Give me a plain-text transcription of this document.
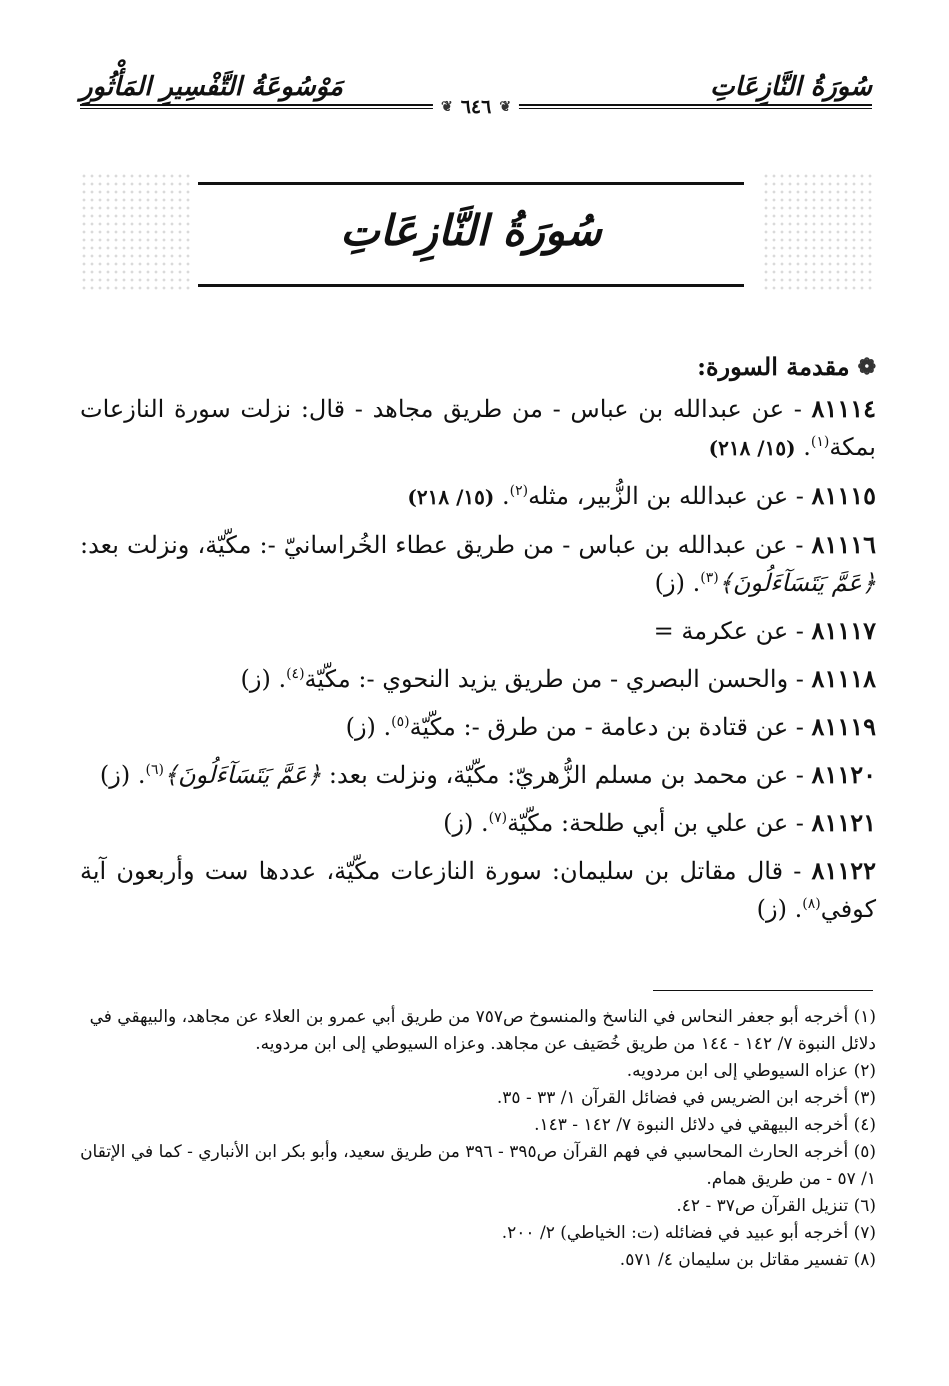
سُورَةُ النَّازِعَاتِ
مَوْسُوعَةُ التَّفْسِيرِ المَأْثُورِ
❦
٦٤٦
❦
سُورَةُ النَّازِعَاتِ
❁
مقدمة السورة:

٨١١١٤ - عن عبدالله بن عباس - من طريق مجاهد - قال: نزلت سورة النازعات بمكة$^{(١)}$. (١٥/ ٢١٨)

٨١١١٥ - عن عبدالله بن الزُّبير، مثله$^{(٢)}$. (١٥/ ٢١٨)

٨١١١٦ - عن عبدالله بن عباس - من طريق عطاء الخُراسانيّ -: مكّيّة، ونزلت بعد: ﴿عَمَّ يَتَسَآءَلُونَ﴾$^{(٣)}$. (ز)

٨١١١٧ - عن عكرمة =

٨١١١٨ - والحسن البصري - من طريق يزيد النحوي -: مكّيّة$^{(٤)}$. (ز)

٨١١١٩ - عن قتادة بن دعامة - من طرق -: مكّيّة$^{(٥)}$. (ز)

٨١١٢٠ - عن محمد بن مسلم الزُّهريّ: مكّيّة، ونزلت بعد: ﴿عَمَّ يَتَسَآءَلُونَ﴾$^{(٦)}$. (ز)

٨١١٢١ - عن علي بن أبي طلحة: مكّيّة$^{(٧)}$. (ز)

٨١١٢٢ - قال مقاتل بن سليمان: سورة النازعات مكّيّة، عددها ست وأربعون آية كوفي$^{(٨)}$. (ز)

(١) أخرجه أبو جعفر النحاس في الناسخ والمنسوخ ص٧٥٧ من طريق أبي عمرو بن العلاء عن مجاهد، والبيهقي في دلائل النبوة ٧/ ١٤٢ - ١٤٤ من طريق خُصَيف عن مجاهد. وعزاه السيوطي إلى ابن مردويه.

(٢) عزاه السيوطي إلى ابن مردويه.

(٣) أخرجه ابن الضريس في فضائل القرآن ١/ ٣٣ - ٣٥.

(٤) أخرجه البيهقي في دلائل النبوة ٧/ ١٤٢ - ١٤٣.

(٥) أخرجه الحارث المحاسبي في فهم القرآن ص٣٩٥ - ٣٩٦ من طريق سعيد، وأبو بكر ابن الأنباري - كما في الإتقان ١/ ٥٧ - من طريق همام.

(٦) تنزيل القرآن ص٣٧ - ٤٢.

(٧) أخرجه أبو عبيد في فضائله (ت: الخياطي) ٢/ ٢٠٠.

(٨) تفسير مقاتل بن سليمان ٤/ ٥٧١.
